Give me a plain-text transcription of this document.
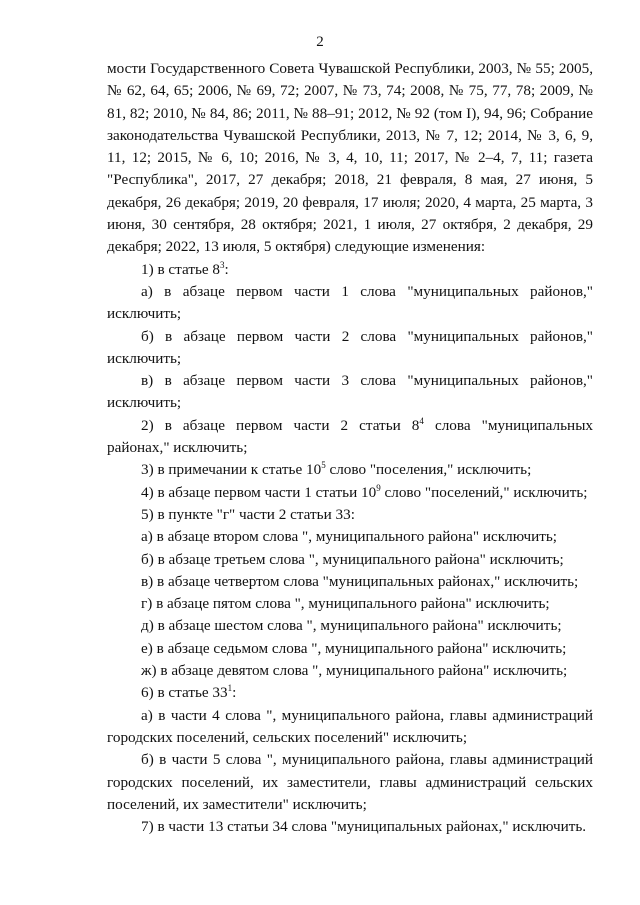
2

мости Государственного Совета Чувашской Республики, 2003, № 55; 2005, № 62, 64, 65; 2006, № 69, 72; 2007, № 73, 74; 2008, № 75, 77, 78; 2009, № 81, 82; 2010, № 84, 86; 2011, № 88–91; 2012, № 92 (том I), 94, 96; Собрание законодательства Чувашской Республики, 2013, № 7, 12; 2014, № 3, 6, 9, 11, 12; 2015, № 6, 10; 2016, № 3, 4, 10, 11; 2017, № 2–4, 7, 11; газета "Республика", 2017, 27 декабря; 2018, 21 февраля, 8 мая, 27 июня, 5 декабря, 26 декабря; 2019, 20 февраля, 17 июля; 2020, 4 марта, 25 марта, 3 июня, 30 сентября, 28 октября; 2021, 1 июля, 27 октября, 2 декабря, 29 декабря; 2022, 13 июля, 5 октября) следующие изменения:

1) в статье $8^3$:

а) в абзаце первом части 1 слова "муниципальных районов," исключить;

б) в абзаце первом части 2 слова "муниципальных районов," исключить;

в) в абзаце первом части 3 слова "муниципальных районов," исключить;

2) в абзаце первом части 2 статьи $8^4$ слова "муниципальных районах," исключить;

3) в примечании к статье $10^5$ слово "поселения," исключить;

4) в абзаце первом части 1 статьи $10^9$ слово "поселений," исключить;

5) в пункте "г" части 2 статьи 33:

а) в абзаце втором слова ", муниципального района" исключить;

б) в абзаце третьем слова ", муниципального района" исключить;

в) в абзаце четвертом слова "муниципальных районах," исключить;

г) в абзаце пятом слова ", муниципального района" исключить;

д) в абзаце шестом слова ", муниципального района" исключить;

е) в абзаце седьмом слова ", муниципального района" исключить;

ж) в абзаце девятом слова ", муниципального района" исключить;

6) в статье $33^1$:

а) в части 4 слова ", муниципального района, главы администраций городских поселений, сельских поселений" исключить;

б) в части 5 слова ", муниципального района, главы администраций городских поселений, их заместители, главы администраций сельских поселений, их заместители" исключить;

7) в части 13 статьи 34 слова "муниципальных районах," исключить.
